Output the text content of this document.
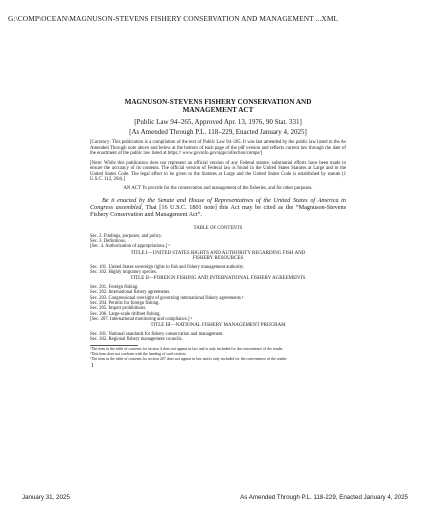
G:\COMP\OCEAN\MAGNUSON-STEVENS FISHERY CONSERVATION AND MANAGEMENT ...XML
MAGNUSON-STEVENS FISHERY CONSERVATION AND
MANAGEMENT ACT
[Public Law 94–265, Approved Apr. 13, 1976, 90 Stat. 331]
[As Amended Through P.L. 118–229, Enacted January 4, 2025]
[Currency: This publication is a compilation of the text of Public Law 94–265. It was last amended by the public law listed in the As Amended Through note above and below at the bottom of each page of the pdf version and reflects current law through the date of the enactment of the public law listed at https:// www.govinfo.gov/app/collection/comps/]
[Note: While this publication does not represent an official version of any Federal statute, substantial efforts have been made to ensure the accuracy of its contents. The official version of Federal law is found in the United States Statutes at Large and in the United States Code. The legal effect to be given to the Statutes at Large and the United States Code is established by statute (1 U.S.C. 112, 204).]
AN ACT To provide for the conservation and management of the fisheries, and for other purposes.
Be it enacted by the Senate and House of Representatives of the United States of America in Congress assembled, That [16 U.S.C. 1801 note] this Act may be cited as the “Magnuson-Stevens Fishery Conservation and Management Act”.
TABLE OF CONTENTS
Sec. 2. Findings, purposes, and policy.
Sec. 3. Definitions.
[Sec. 4. Authorization of appropriations.] ¹
TITLE I—UNITED STATES RIGHTS AND AUTHORITY REGARDING FISH AND
FISHERY RESOURCES
Sec. 101. United States sovereign rights to fish and fishery management authority.
Sec. 102. Highly migratory species.
TITLE II—FOREIGN FISHING AND INTERNATIONAL FISHERY AGREEMENTS
Sec. 201. Foreign fishing.
Sec. 202. International fishery agreements.
Sec. 203. Congressional oversight of governing international fishery agreements.²
Sec. 204. Permits for foreign fishing.
Sec. 205. Import prohibitions.
Sec. 206. Large-scale driftnet fishing.
[Sec. 207. International monitoring and compliance.] ³
TITLE III—NATIONAL FISHERY MANAGEMENT PROGRAM
Sec. 301. National standards for fishery conservation and management.
Sec. 302. Regional fishery management councils.
¹The item in the table of contents for section 4 does not appear in law and is only included for the convenience of the reader.
²This item does not conform with the heading of such section.
³The item in the table of contents for section 207 does not appear in law and is only included for the convenience of the reader.
1
January 31, 2025	As Amended Through P.L. 118-229, Enacted January 4, 2025
